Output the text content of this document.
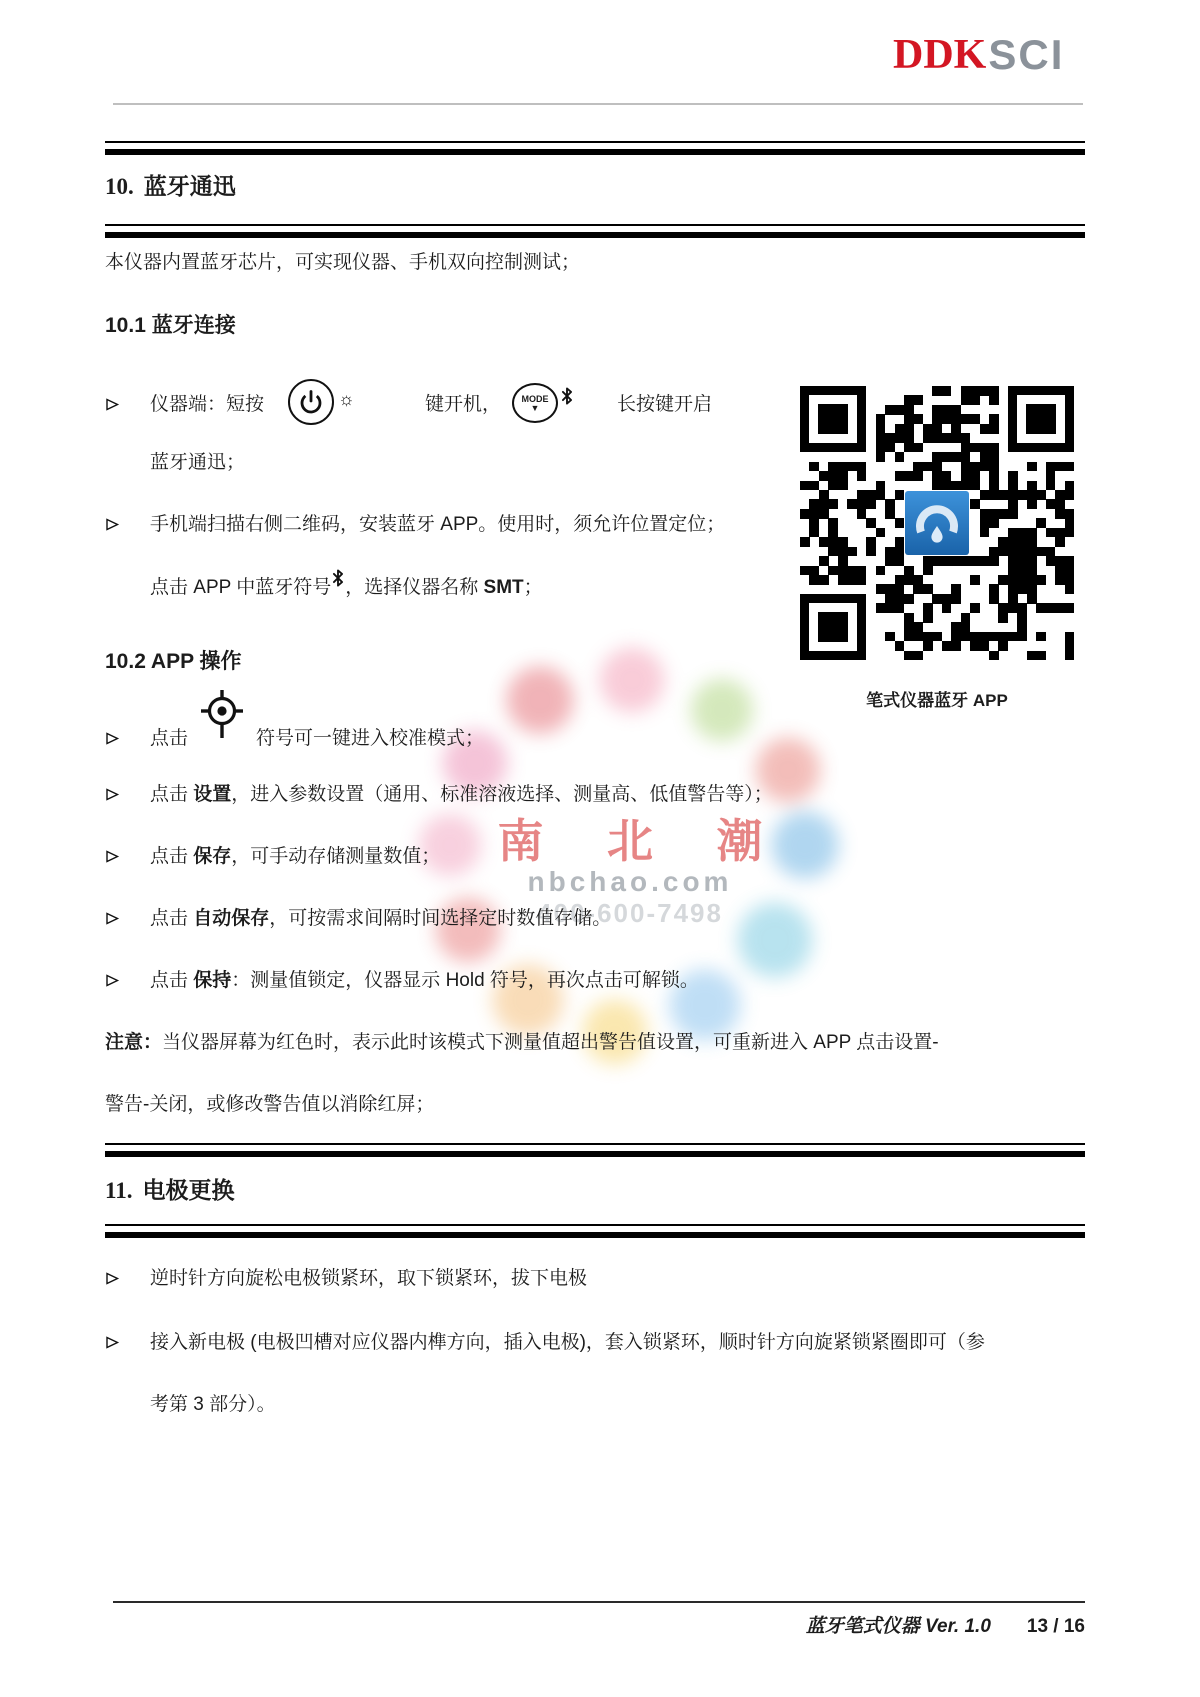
南 北 潮
nbchao.com
400-600-7498
DDK SCI
10. 蓝牙通迅
本仪器内置蓝牙芯片，可实现仪器、手机双向控制测试；
10.1 蓝牙连接
仪器端：短按	☼	键开机， MODE
▼	长按键开启
蓝牙通迅；
手机端扫描右侧二维码，安装蓝牙 APP。使用时，须允许位置定位；
点击 APP 中蓝牙符号 ，选择仪器名称 SMT；
笔式仪器蓝牙 APP
10.2 APP 操作
点击	符号可一键进入校准模式；
点击 设置，进入参数设置（通用、标准溶液选择、测量高、低值警告等）；
点击 保存，可手动存储测量数值；
点击 自动保存，可按需求间隔时间选择定时数值存储。
点击 保持：测量值锁定，仪器显示 Hold 符号，再次点击可解锁。
注意：当仪器屏幕为红色时，表示此时该模式下测量值超出警告值设置，可重新进入 APP 点击设置-
警告-关闭，或修改警告值以消除红屏；
11. 电极更换
逆时针方向旋松电极锁紧环，取下锁紧环，拔下电极
接入新电极 (电极凹槽对应仪器内榫方向，插入电极)，套入锁紧环，顺时针方向旋紧锁紧圈即可（参
考第 3 部分）。
蓝牙笔式仪器 Ver. 1.0 13 / 16
